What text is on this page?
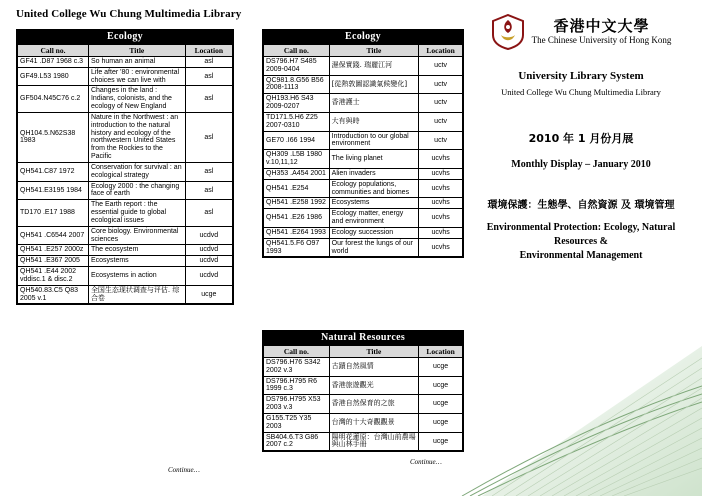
United College Wu Chung Multimedia Library
Ecology
Call no.	Title	Location
GF41 .D87 1968 c.3	So human an animal	asl
GF49.L53 1980	Life after '80 : environmental choices we can live with	asl
GF504.N45C76 c.2	Changes in the land : Indians, colonists, and the ecology of New England	asl
QH104.5.N62S38 1983	Nature in the Northwest : an introduction to the natural history and ecology of the northwestern United States from the Rockies to the Pacific	asl
QH541.C87 1972	Conservation for survival : an ecological strategy	asl
QH541.E3195 1984	Ecology 2000 : the changing face of earth	asl
TD170 .E17 1988	The Earth report : the essential guide to global ecological issues	asl
QH541 .C6544 2007	Core biology. Environmental sciences	ucdvd
QH541 .E257 2000z	The ecosystem	ucdvd
QH541 .E367 2005	Ecosystems	ucdvd
QH541 .E44 2002 vddisc.1 & disc.2	Ecosystems in action	ucdvd
QH540.83.C5 Q83 2005 v.1	全国生态现状调查与评估. 综合卷	ucge
Continue…
Ecology
Call no.	Title	Location
DS796.H7 S485 2009-0404	濕保實踐. 瑞麗江河	uctv
QC981.8.G56 B56 2008-1113	[從熱敦圖認識氣候變化]	uctv
QH193.H6 S43 2009-0207	香港護士	uctv
TD171.5.H6 Z25 2007-0310	大有與時	uctv
GE70 .I66 1994	Introduction to our global environment	uctv
QH309 .L5B 1980 v.10,11,12	The living planet	ucvhs
QH353 .A454 2001	Alien invaders	ucvhs
QH541 .E254	Ecology populations, communities and biomes	ucvhs
QH541 .E258 1992	Ecosystems	ucvhs
QH541 .E26 1986	Ecology matter, energy and environment	ucvhs
QH541 .E264 1993	Ecology succession	ucvhs
QH541.5.F6 O97 1993	Our forest the lungs of our world	ucvhs
Natural Resources
Call no.	Title	Location
DS796.H76 S342 2002 v.3	古蹟自然風情	ucge
DS796.H795 R6 1999 c.3	香港旅遊觀光	ucge
DS796.H795 X53 2003 v.3	香港自然保育的之旅	ucge
G155.T25 Y35 2003	台灣的十大奇觀觀景	ucge
SB404.6.T3 G86 2007 c.2	陽明花蓮原：台灣山前農場與山林手冊	ucge
Continue…
香港中文大學
The Chinese University of Hong Kong
University Library System
United College Wu Chung Multimedia Library
2010 年 1 月份月展
Monthly Display – January 2010
環境保護：生態學、自然資源 及 環境管理
Environmental Protection: Ecology, Natural
Resources &
Environmental Management
